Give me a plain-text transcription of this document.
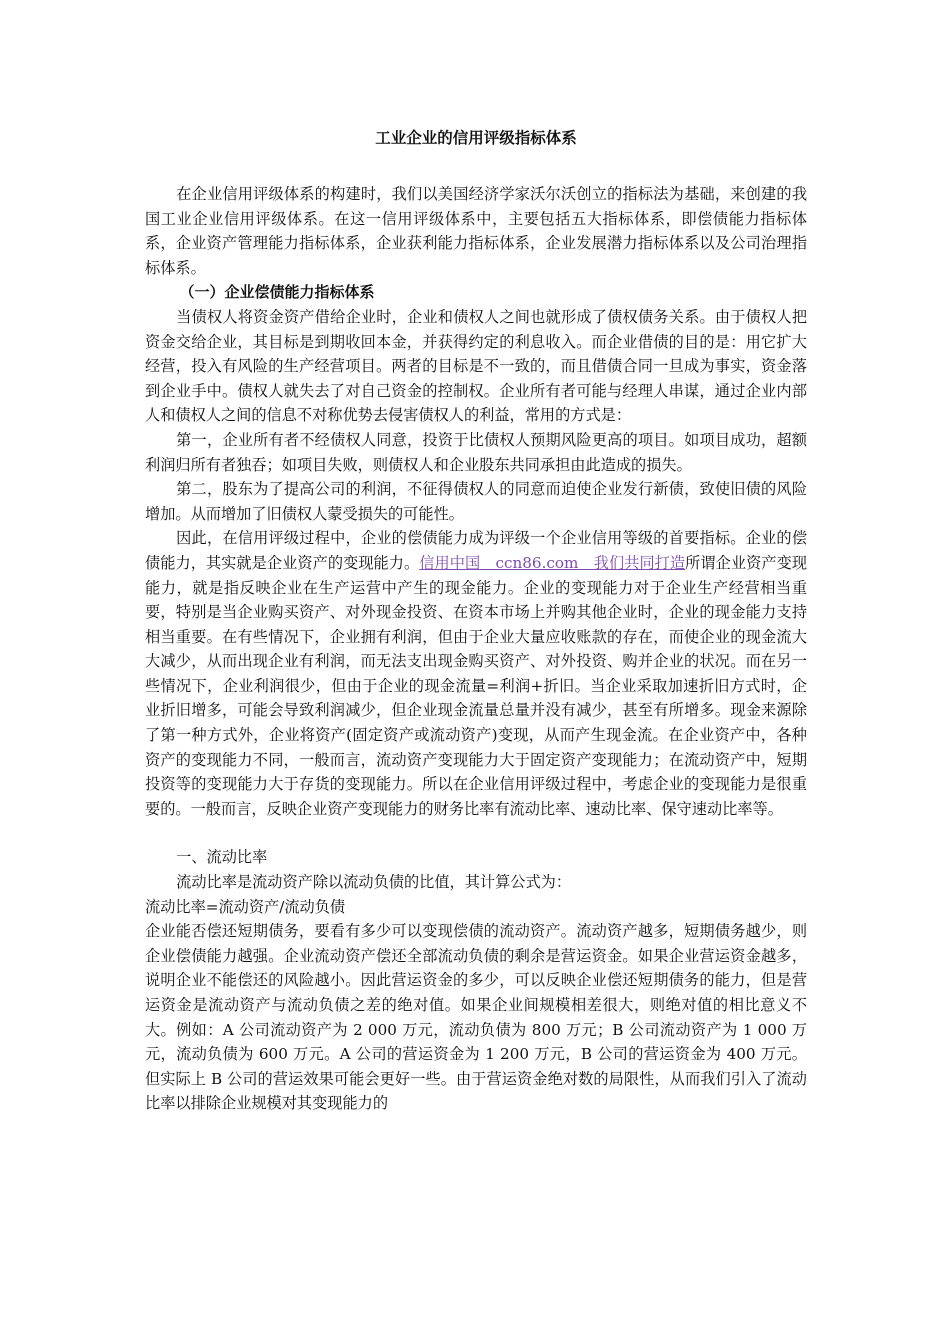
工业企业的信用评级指标体系

在企业信用评级体系的构建时，我们以美国经济学家沃尔沃创立的指标法为基础，来创建的我国工业企业信用评级体系。在这一信用评级体系中，主要包括五大指标体系，即偿债能力指标体系，企业资产管理能力指标体系，企业获利能力指标体系，企业发展潜力指标体系以及公司治理指标体系。

（一）企业偿债能力指标体系

当债权人将资金资产借给企业时，企业和债权人之间也就形成了债权债务关系。由于债权人把资金交给企业，其目标是到期收回本金，并获得约定的利息收入。而企业借债的目的是：用它扩大经营，投入有风险的生产经营项目。两者的目标是不一致的，而且借债合同一旦成为事实，资金落到企业手中。债权人就失去了对自己资金的控制权。企业所有者可能与经理人串谋，通过企业内部人和债权人之间的信息不对称优势去侵害债权人的利益，常用的方式是：

第一，企业所有者不经债权人同意，投资于比债权人预期风险更高的项目。如项目成功，超额利润归所有者独吞；如项目失败，则债权人和企业股东共同承担由此造成的损失。

第二，股东为了提高公司的利润，不征得债权人的同意而迫使企业发行新债，致使旧债的风险增加。从而增加了旧债权人蒙受损失的可能性。

因此，在信用评级过程中，企业的偿债能力成为评级一个企业信用等级的首要指标。企业的偿债能力，其实就是企业资产的变现能力。信用中国　ccn86.com　我们共同打造所谓企业资产变现能力，就是指反映企业在生产运营中产生的现金能力。企业的变现能力对于企业生产经营相当重要，特别是当企业购买资产、对外现金投资、在资本市场上并购其他企业时，企业的现金能力支持相当重要。在有些情况下，企业拥有利润，但由于企业大量应收账款的存在，而使企业的现金流大大减少，从而出现企业有利润，而无法支出现金购买资产、对外投资、购并企业的状况。而在另一些情况下，企业利润很少，但由于企业的现金流量=利润+折旧。当企业采取加速折旧方式时，企业折旧增多，可能会导致利润减少，但企业现金流量总量并没有减少，甚至有所增多。现金来源除了第一种方式外，企业将资产(固定资产或流动资产)变现，从而产生现金流。在企业资产中，各种资产的变现能力不同，一般而言，流动资产变现能力大于固定资产变现能力；在流动资产中，短期投资等的变现能力大于存货的变现能力。所以在企业信用评级过程中，考虑企业的变现能力是很重要的。一般而言，反映企业资产变现能力的财务比率有流动比率、速动比率、保守速动比率等。

一、流动比率

流动比率是流动资产除以流动负债的比值，其计算公式为：

流动比率=流动资产/流动负债

企业能否偿还短期债务，要看有多少可以变现偿债的流动资产。流动资产越多，短期债务越少，则企业偿债能力越强。企业流动资产偿还全部流动负债的剩余是营运资金。如果企业营运资金越多，说明企业不能偿还的风险越小。因此营运资金的多少，可以反映企业偿还短期债务的能力，但是营运资金是流动资产与流动负债之差的绝对值。如果企业间规模相差很大，则绝对值的相比意义不大。例如：A 公司流动资产为 2 000 万元，流动负债为 800 万元；B 公司流动资产为 1 000 万元，流动负债为 600 万元。A 公司的营运资金为 1 200 万元，B 公司的营运资金为 400 万元。但实际上 B 公司的营运效果可能会更好一些。由于营运资金绝对数的局限性，从而我们引入了流动比率以排除企业规模对其变现能力的
